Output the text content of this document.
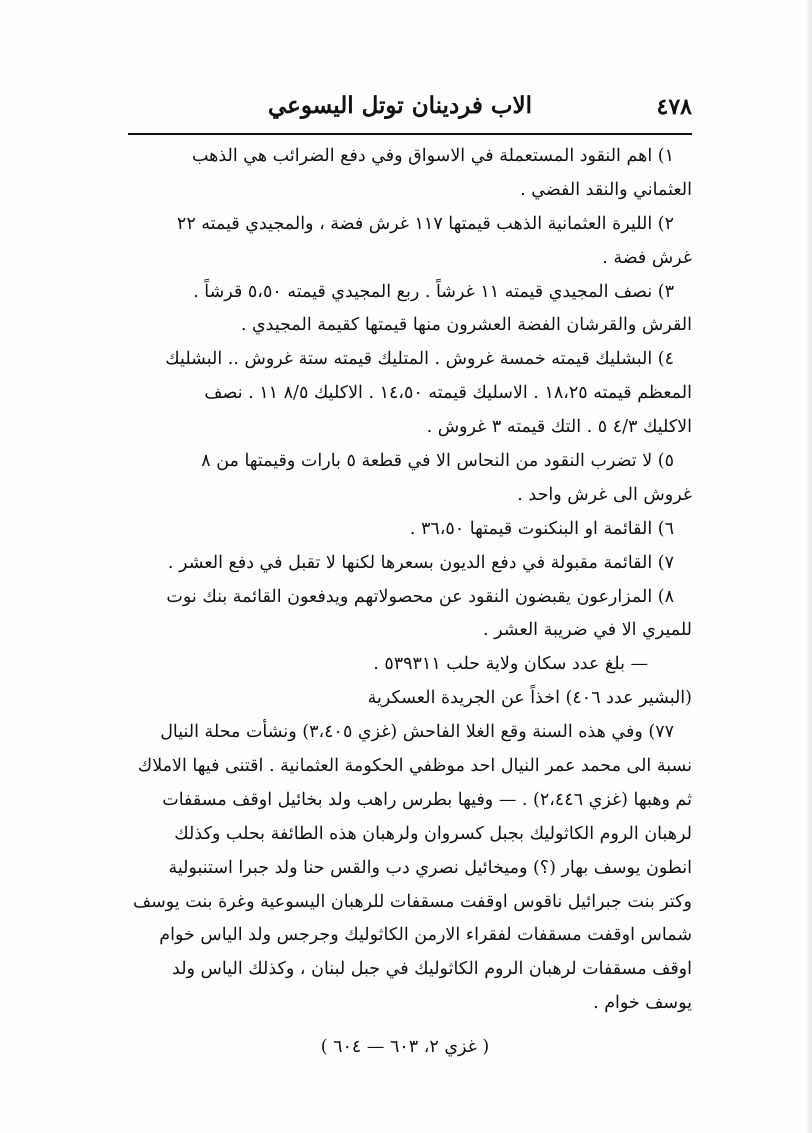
٤٧٨
الاب فردينان توتل اليسوعي
١) اهم النقود المستعملة في الاسواق وفي دفع الضرائب هي الذهب
العثماني والنقد الفضي .
٢) الليرة العثمانية الذهب قيمتها ١١٧ غرش فضة ، والمجيدي قيمته ٢٢
غرش فضة .
٣) نصف المجيدي قيمته ١١ غرشاً . ربع المجيدي قيمته ٥،٥٠ قرشاً .
القرش والقرشان الفضة العشرون منها قيمتها كقيمة المجيدي .
٤) البشليك قيمته خمسة غروش . المتليك قيمته ستة غروش .. البشليك
المعظم قيمته ١٨،٢٥ . الاسليك قيمته ١٤،٥٠ . الاكليك ٨/٥ ١١ . نصف
الاكليك ٤/٣ ٥ . التك قيمته ٣ غروش .
٥) لا تضرب النقود من النحاس الا في قطعة ٥ بارات وقيمتها من ٨
غروش الى غرش واحد .
٦) القائمة او البنكنوت قيمتها ٣٦،٥٠ .
٧) القائمة مقبولة في دفع الديون بسعرها لكنها لا تقبل في دفع العشر .
٨) المزارعون يقبضون النقود عن محصولاتهم ويدفعون القائمة بنك نوت
للميري الا في ضريبة العشر .
— بلغ عدد سكان ولاية حلب ٥٣٩٣١١ .
(البشير عدد ٤٠٦) اخذاً عن الجريدة العسكرية
٧٧) وفي هذه السنة وقع الغلا الفاحش (غزي ٣،٤٠٥) ونشأت محلة النيال
نسبة الى محمد عمر النيال احد موظفي الحكومة العثمانية . اقتنى فيها الاملاك
ثم وهبها (غزي ٢،٤٤٦) . — وفيها بطرس راهب ولد بخائيل اوقف مسقفات
لرهبان الروم الكاثوليك بجبل كسروان ولرهبان هذه الطائفة بحلب وكذلك
انطون يوسف بهار (؟) وميخائيل نصري دب والقس حنا ولد جبرا استنبولية
وكتر بنت جبرائيل ناقوس اوقفت مسقفات للرهبان اليسوعية وغرة بنت يوسف
شماس اوقفت مسقفات لفقراء الارمن الكاثوليك وجرجس ولد الياس خوام
اوقف مسقفات لرهبان الروم الكاثوليك في جبل لبنان ، وكذلك الياس ولد
يوسف خوام .
( غزي ٢، ٦٠٣ — ٦٠٤ )
